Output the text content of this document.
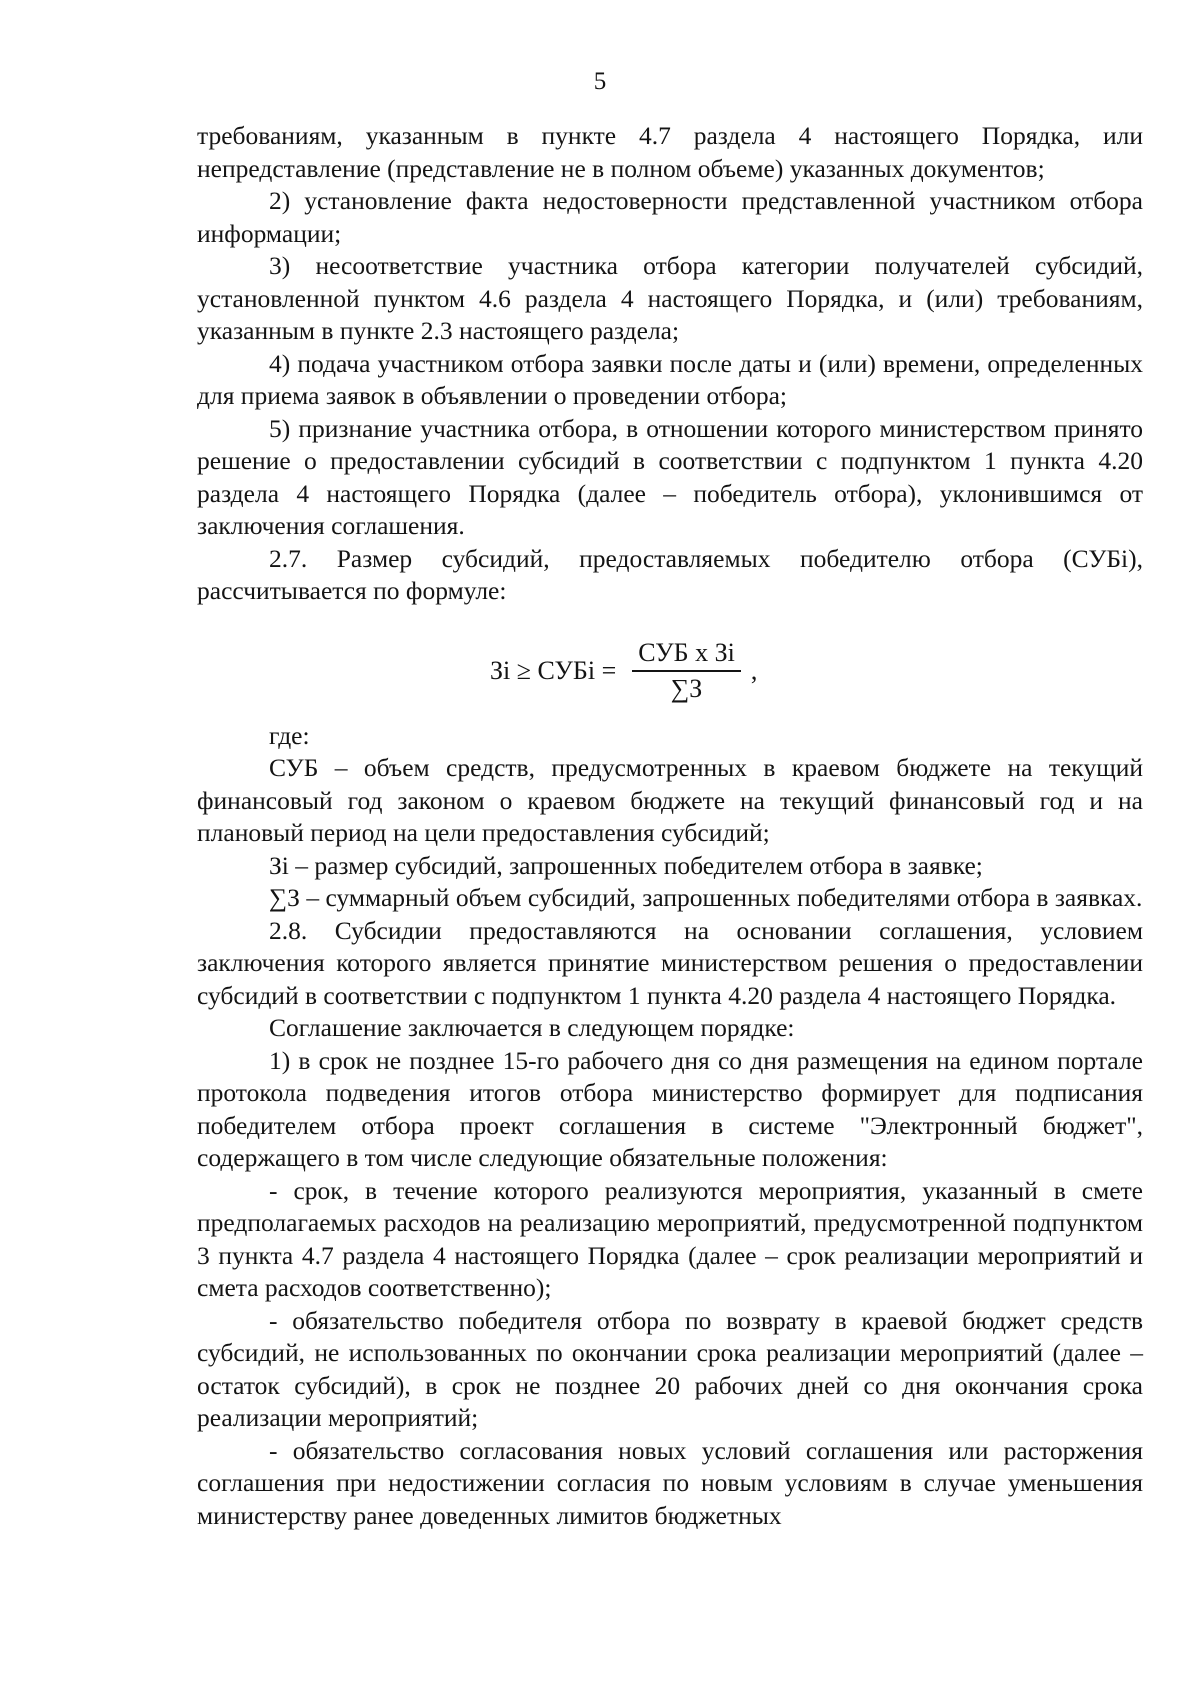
5

требованиям, указанным в пункте 4.7 раздела 4 настоящего Порядка, или непредставление (представление не в полном объеме) указанных документов;

2) установление факта недостоверности представленной участником отбора информации;

3) несоответствие участника отбора категории получателей субсидий, установленной пунктом 4.6 раздела 4 настоящего Порядка, и (или) требованиям, указанным в пункте 2.3 настоящего раздела;

4) подача участником отбора заявки после даты и (или) времени, определенных для приема заявок в объявлении о проведении отбора;

5) признание участника отбора, в отношении которого министерством принято решение о предоставлении субсидий в соответствии с подпунктом 1 пункта 4.20 раздела 4 настоящего Порядка (далее – победитель отбора), уклонившимся от заключения соглашения.

2.7. Размер субсидий, предоставляемых победителю отбора (СУБi), рассчитывается по формуле:

Зi ≥ СУБi = $\frac{\text{СУБ x Зi}}{\sum З}$ ,

где:

СУБ – объем средств, предусмотренных в краевом бюджете на текущий финансовый год законом о краевом бюджете на текущий финансовый год и на плановый период на цели предоставления субсидий;

Зi – размер субсидий, запрошенных победителем отбора в заявке;

∑З – суммарный объем субсидий, запрошенных победителями отбора в заявках.

2.8. Субсидии предоставляются на основании соглашения, условием заключения которого является принятие министерством решения о предоставлении субсидий в соответствии с подпунктом 1 пункта 4.20 раздела 4 настоящего Порядка.

Соглашение заключается в следующем порядке:

1) в срок не позднее 15-го рабочего дня со дня размещения на едином портале протокола подведения итогов отбора министерство формирует для подписания победителем отбора проект соглашения в системе "Электронный бюджет", содержащего в том числе следующие обязательные положения:

- срок, в течение которого реализуются мероприятия, указанный в смете предполагаемых расходов на реализацию мероприятий, предусмотренной подпунктом 3 пункта 4.7 раздела 4 настоящего Порядка (далее – срок реализации мероприятий и смета расходов соответственно);

- обязательство победителя отбора по возврату в краевой бюджет средств субсидий, не использованных по окончании срока реализации мероприятий (далее – остаток субсидий), в срок не позднее 20 рабочих дней со дня окончания срока реализации мероприятий;

- обязательство согласования новых условий соглашения или расторжения соглашения при недостижении согласия по новым условиям в случае уменьшения министерству ранее доведенных лимитов бюджетных
